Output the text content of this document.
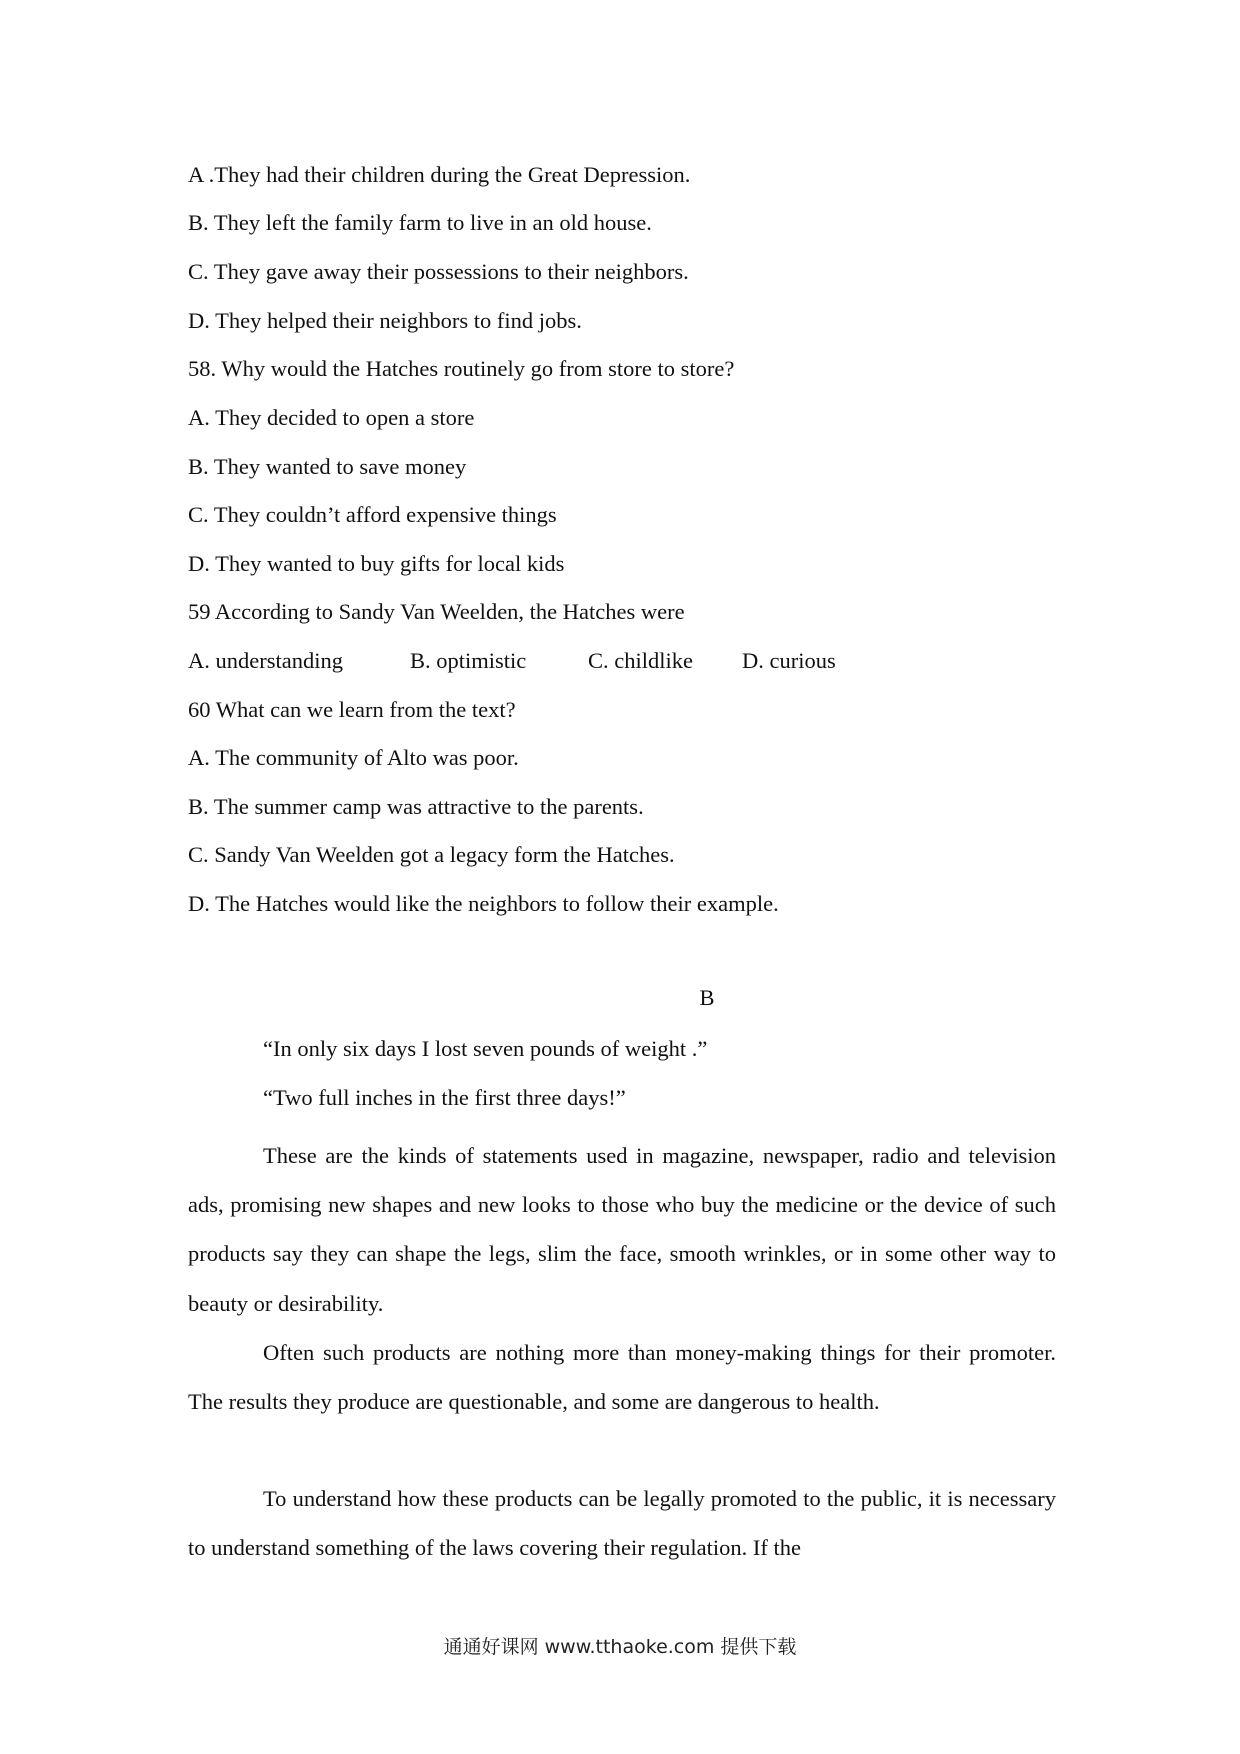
A .They had their children during the Great Depression.
B. They left the family farm to live in an old house.
C. They gave away their possessions to their neighbors.
D. They helped their neighbors to find jobs.
58. Why would the Hatches routinely go from store to store?
A. They decided to open a store
B. They wanted to save money
C. They couldn’t afford expensive things
D. They wanted to buy gifts for local kids
59 According to Sandy Van Weelden, the Hatches were
A. understanding	B. optimistic	C. childlike D. curious
60 What can we learn from the text?
A. The community of Alto was poor.
B. The summer camp was attractive to the parents.
C. Sandy Van Weelden got a legacy form the Hatches.
D. The Hatches would like the neighbors to follow their example.
B
“In only six days I lost seven pounds of weight .”
“Two full inches in the first three days!”

These are the kinds of statements used in magazine, newspaper, radio and television ads, promising new shapes and new looks to those who buy the medicine or the device of such products say they can shape the legs, slim the face, smooth wrinkles, or in some other way to beauty or desirability.

Often such products are nothing more than money-making things for their promoter. The results they produce are questionable, and some are dangerous to health.

To understand how these products can be legally promoted to the public, it is necessary to understand something of the laws covering their regulation. If the

通通好课网 www.tthaoke.com 提供下载
